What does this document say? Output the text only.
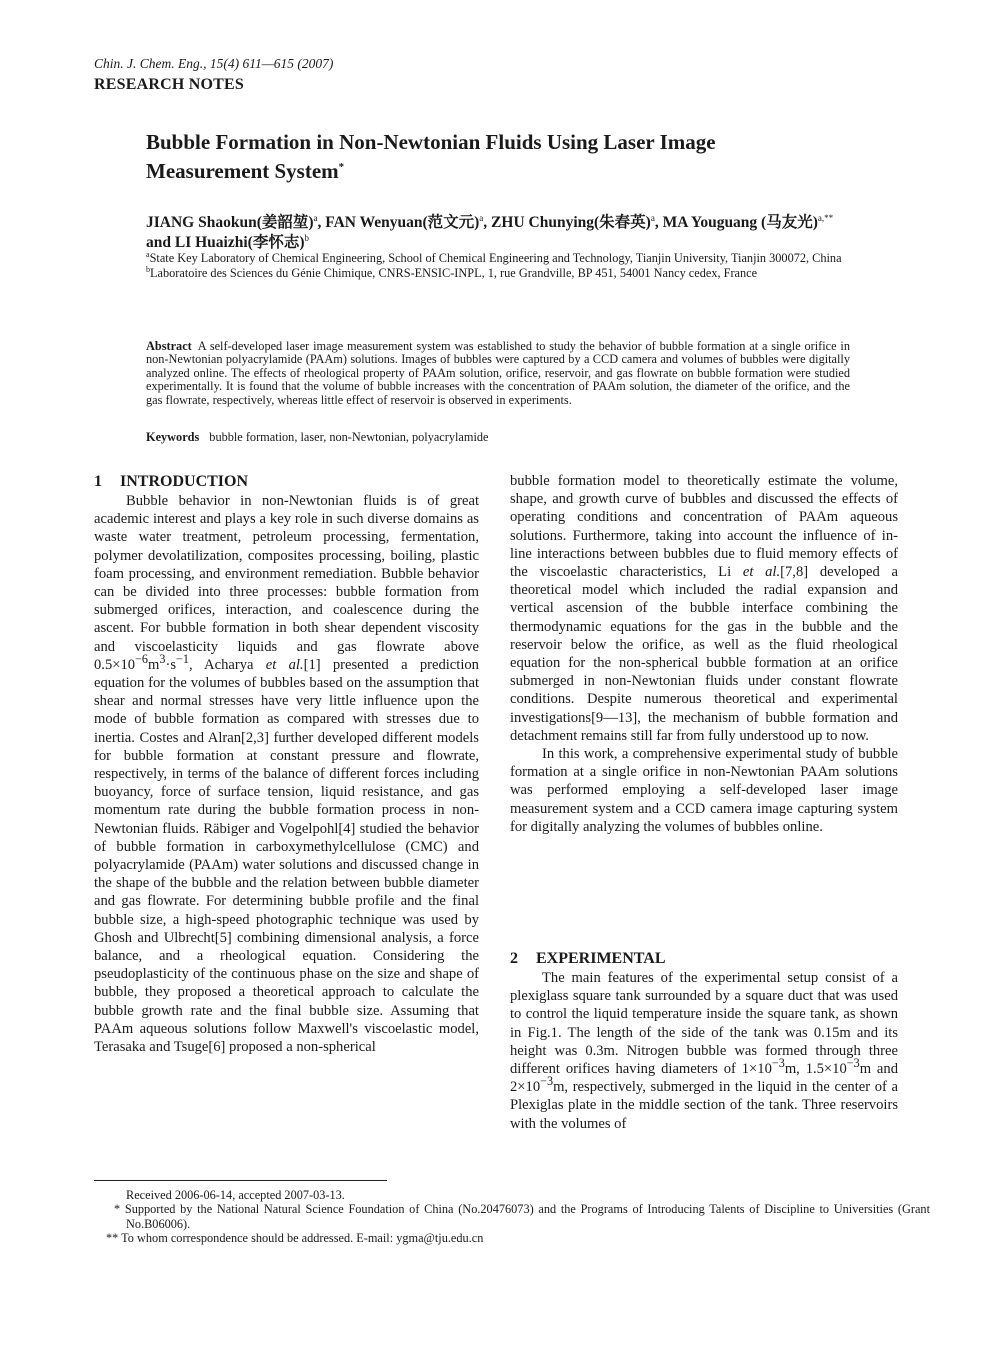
Chin. J. Chem. Eng., 15(4) 611—615 (2007)
RESEARCH NOTES
Bubble Formation in Non-Newtonian Fluids Using Laser Image
Measurement System*
JIANG Shaokun(姜韶堃)$^a$, FAN Wenyuan(范文元)$^a$, ZHU Chunying(朱春英)$^a$, MA Youguang (马友光)$^{a,**}$ and LI Huaizhi(李怀志)$^b$
$^a$State Key Laboratory of Chemical Engineering, School of Chemical Engineering and Technology, Tianjin University, Tianjin 300072, China
$^b$Laboratoire des Sciences du Génie Chimique, CNRS-ENSIC-INPL, 1, rue Grandville, BP 451, 54001 Nancy cedex, France
Abstract A self-developed laser image measurement system was established to study the behavior of bubble formation at a single orifice in non-Newtonian polyacrylamide (PAAm) solutions. Images of bubbles were captured by a CCD camera and volumes of bubbles were digitally analyzed online. The effects of rheological property of PAAm solution, orifice, reservoir, and gas flowrate on bubble formation were studied experimentally. It is found that the volume of bubble increases with the concentration of PAAm solution, the diameter of the orifice, and the gas flowrate, respectively, whereas little effect of reservoir is observed in experiments.
Keywords bubble formation, laser, non-Newtonian, polyacrylamide
1 INTRODUCTION

Bubble behavior in non-Newtonian fluids is of great academic interest and plays a key role in such diverse domains as waste water treatment, petroleum processing, fermentation, polymer devolatilization, composites processing, boiling, plastic foam processing, and environment remediation. Bubble behavior can be divided into three processes: bubble formation from submerged orifices, interaction, and coalescence during the ascent. For bubble formation in both shear dependent viscosity and viscoelasticity liquids and gas flowrate above $0.5\times 10^{-6}m^3\cdot s^{-1}$, Acharya et al.[1] presented a prediction equation for the volumes of bubbles based on the assumption that shear and normal stresses have very little influence upon the mode of bubble formation as compared with stresses due to inertia. Costes and Alran[2,3] further developed different models for bubble formation at constant pressure and flowrate, respectively, in terms of the balance of different forces including buoyancy, force of surface tension, liquid resistance, and gas momentum rate during the bubble formation process in non-Newtonian fluids. Räbiger and Vogelpohl[4] studied the behavior of bubble formation in carboxymethylcellulose (CMC) and polyacrylamide (PAAm) water solutions and discussed change in the shape of the bubble and the relation between bubble diameter and gas flowrate. For determining bubble profile and the final bubble size, a high-speed photographic technique was used by Ghosh and Ulbrecht[5] combining dimensional analysis, a force balance, and a rheological equation. Considering the pseudoplasticity of the continuous phase on the size and shape of bubble, they proposed a theoretical approach to calculate the bubble growth rate and the final bubble size. Assuming that PAAm aqueous solutions follow Maxwell's viscoelastic model, Terasaka and Tsuge[6] proposed a non-spherical

bubble formation model to theoretically estimate the volume, shape, and growth curve of bubbles and discussed the effects of operating conditions and concentration of PAAm aqueous solutions. Furthermore, taking into account the influence of in-line interactions between bubbles due to fluid memory effects of the viscoelastic characteristics, Li et al.[7,8] developed a theoretical model which included the radial expansion and vertical ascension of the bubble interface combining the thermodynamic equations for the gas in the bubble and the reservoir below the orifice, as well as the fluid rheological equation for the non-spherical bubble formation at an orifice submerged in non-Newtonian fluids under constant flowrate conditions. Despite numerous theoretical and experimental investigations[9—13], the mechanism of bubble formation and detachment remains still far from fully understood up to now.

In this work, a comprehensive experimental study of bubble formation at a single orifice in non-Newtonian PAAm solutions was performed employing a self-developed laser image measurement system and a CCD camera image capturing system for digitally analyzing the volumes of bubbles online.

2 EXPERIMENTAL

The main features of the experimental setup consist of a plexiglass square tank surrounded by a square duct that was used to control the liquid temperature inside the square tank, as shown in Fig.1. The length of the side of the tank was 0.15m and its height was 0.3m. Nitrogen bubble was formed through three different orifices having diameters of $1\times 10^{-3}m$, $1.5\times 10^{-3}m$ and $2\times 10^{-3}m$, respectively, submerged in the liquid in the center of a Plexiglas plate in the middle section of the tank. Three reservoirs with the volumes of

Received 2006-06-14, accepted 2007-03-13.
* Supported by the National Natural Science Foundation of China (No.20476073) and the Programs of Introducing Talents of Discipline to Universities (Grant No.B06006).
** To whom correspondence should be addressed. E-mail: ygma@tju.edu.cn
